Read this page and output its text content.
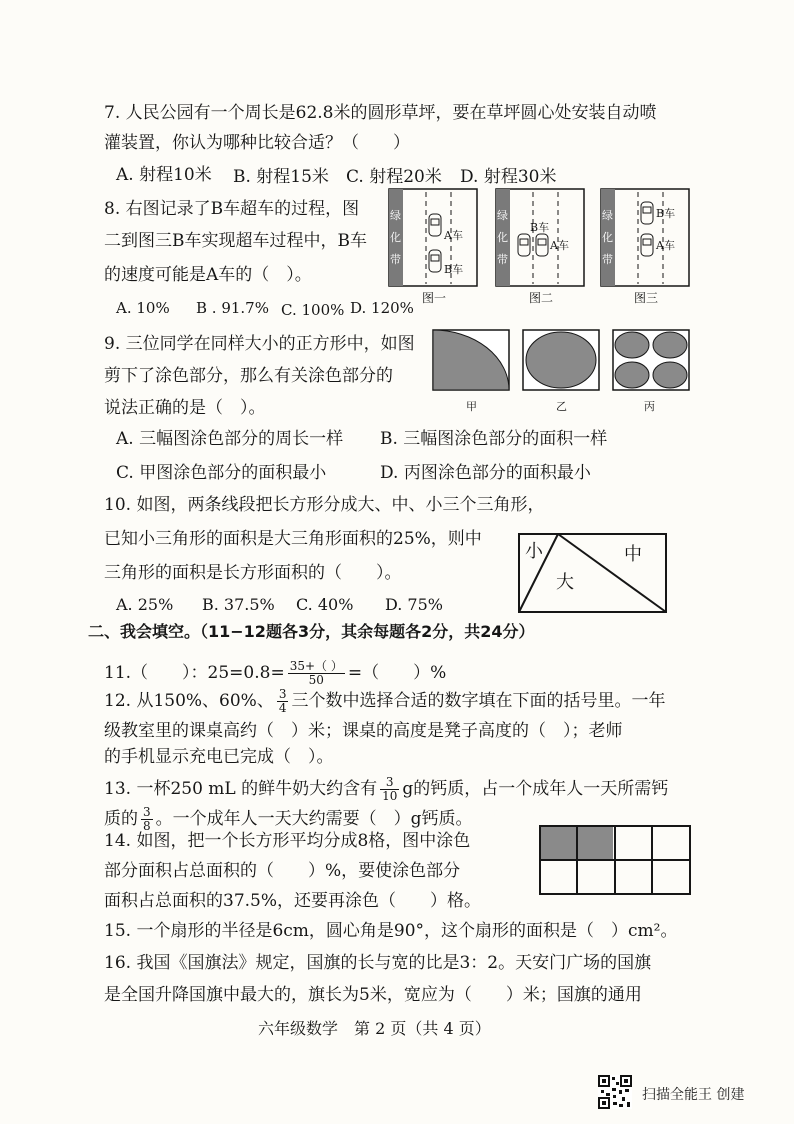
7. 人民公园有一个周长是62.8米的圆形草坪，要在草坪圆心处安装自动喷
灌装置，你认为哪种比较合适？（　　）
A. 射程10米 B. 射程15米 C. 射程20米 D. 射程30米
8. 右图记录了B车超车的过程，图
二到图三B车实现超车过程中，B车
的速度可能是A车的（　）。
A. 10% B . 91.7% C. 100% D. 120%
绿
化
带
A车
B车
图一
绿
化
带
A车
B车
图二
绿
化
带
B车
A车
图三
9. 三位同学在同样大小的正方形中，如图
剪下了涂色部分，那么有关涂色部分的
说法正确的是（　）。	甲	乙	丙
A. 三幅图涂色部分的周长一样 B. 三幅图涂色部分的面积一样
C. 甲图涂色部分的面积最小	D. 丙图涂色部分的面积最小
10. 如图，两条线段把长方形分成大、中、小三个三角形，
已知小三角形的面积是大三角形面积的25%，则中
三角形的面积是长方形面积的（　　）。
A. 25% B. 37.5% C. 40% D. 75%
小	中
大
二、我会填空。（11−12题各3分，其余每题各2分，共24分）
11.（　　）：$25=0.8= \frac{35+( )}{50}$ =（　　）%
12. 从150%、60%、 $\frac{3}{4}$ 三个数中选择合适的数字填在下面的括号里。一年
级教室里的课桌高约（　）米；课桌的高度是凳子高度的（　）；老师
的手机显示充电已完成（　）。
13. 一杯250 mL 的鲜牛奶大约含有 $\frac{3}{10}$ g的钙质，占一个成年人一天所需钙
质的 $\frac{3}{8}$ 。一个成年人一天大约需要（　）g钙质。
14. 如图，把一个长方形平均分成8格，图中涂色
部分面积占总面积的（　　）%，要使涂色部分
面积占总面积的37.5%，还要再涂色（　　）格。
15. 一个扇形的半径是6cm，圆心角是90°，这个扇形的面积是（　）cm²。
16. 我国《国旗法》规定，国旗的长与宽的比是3：2。天安门广场的国旗
是全国升降国旗中最大的，旗长为5米，宽应为（　　）米；国旗的通用
六年级数学　第 2 页（共 4 页）
扫描全能王 创建
